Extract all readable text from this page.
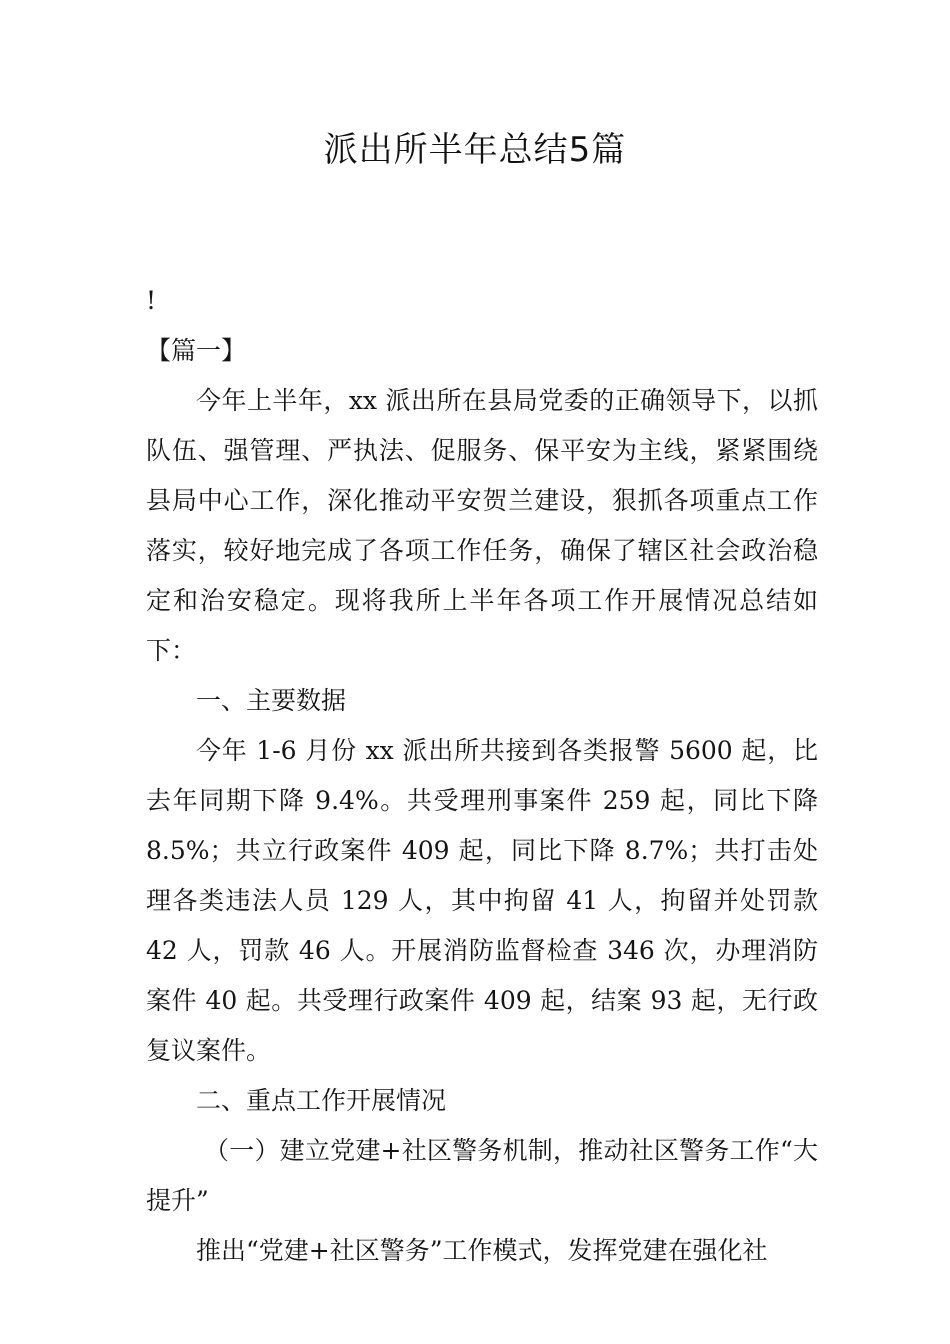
派出所半年总结5篇

!

【篇一】

今年上半年，xx 派出所在县局党委的正确领导下，以抓队伍、强管理、严执法、促服务、保平安为主线，紧紧围绕县局中心工作，深化推动平安贺兰建设，狠抓各项重点工作落实，较好地完成了各项工作任务，确保了辖区社会政治稳定和治安稳定。现将我所上半年各项工作开展情况总结如下：

一、主要数据

今年 1-6 月份 xx 派出所共接到各类报警 5600 起，比去年同期下降 9.4%。共受理刑事案件 259 起，同比下降 8.5%；共立行政案件 409 起，同比下降 8.7%；共打击处理各类违法人员 129 人，其中拘留 41 人，拘留并处罚款 42 人，罚款 46 人。开展消防监督检查 346 次，办理消防案件 40 起。共受理行政案件 409 起，结案 93 起，无行政复议案件。

二、重点工作开展情况

（一）建立党建+社区警务机制，推动社区警务工作“大提升”

推出“党建+社区警务”工作模式，发挥党建在强化社
